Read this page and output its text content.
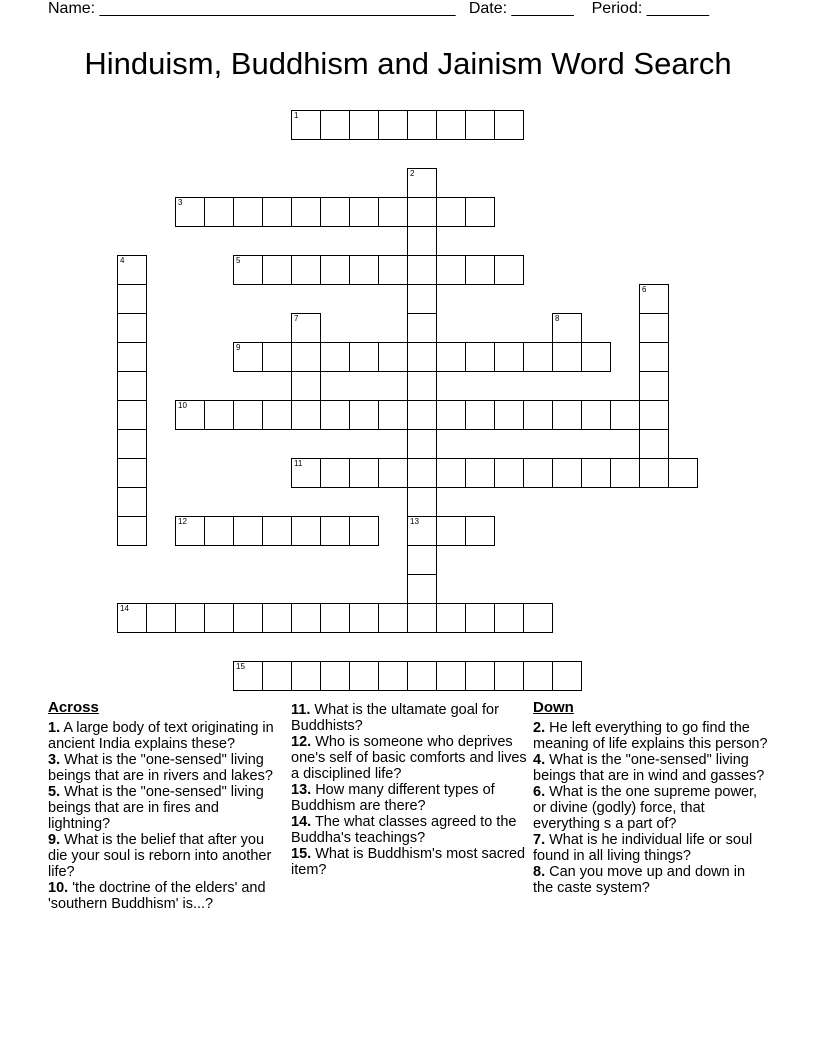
Name: ________________________________________   Date: _______    Period: _______
Hinduism, Buddhism and Jainism Word Search
1
2
13
3
4	5
6
7	8
9
10
11
12
14
15
Across

1. A large body of text originating in ancient India explains these?

3. What is the "one-sensed" living beings that are in rivers and lakes?

5. What is the "one-sensed" living beings that are in fires and lightning?

9. What is the belief that after you die your soul is reborn into another life?

10. 'the doctrine of the elders' and 'southern Buddhism' is...?

11. What is the ultamate goal for Buddhists?

12. Who is someone who deprives one's self of basic comforts and lives a disciplined life?

13. How many different types of Buddhism are there?

14. The what classes agreed to the Buddha's teachings?

15. What is Buddhism's most sacred item?

Down

2. He left everything to go find the meaning of life explains this person?

4. What is the "one-sensed" living beings that are in wind and gasses?

6. What is the one supreme power, or divine (godly) force, that everything s a part of?

7. What is he individual life or soul found in all living things?

8. Can you move up and down in the caste system?
